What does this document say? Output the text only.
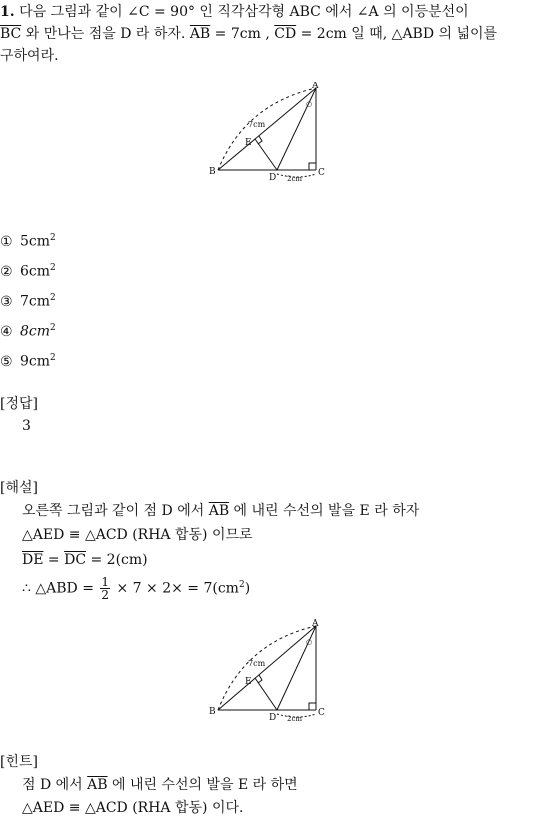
1. 다음 그림과 같이 ∠C = 90° 인 직각삼각형 ABC 에서 ∠A 의 이등분선이
$\overline{BC}$ 와 만나는 점을 D 라 하자. $\overline{AB} = 7cm$ , $\overline{CD} = 2cm$ 일 때, △ABD 의 넓이를
구하여라.
A
B	C
D
E
7cm
2cm
○
① $5cm^2$
② $6cm^2$
③ $7cm^2$
④ $8cm^2$
⑤ $9cm^2$
[정답]
3
[해설]
오른쪽 그림과 같이 점 D 에서 $\overline{AB}$ 에 내린 수선의 발을 E 라 하자
△AED ≡ △ACD (RHA 합동) 이므로
$\overline{DE} = \overline{DC} = 2(cm)$
∴ △ABD = $\frac{1}{2} \times 7 \times 2\times = 7(cm^2)$
A
B	C
D
E
7cm
2cm
○
[힌트]
점 D 에서 $\overline{AB}$ 에 내린 수선의 발을 E 라 하면
△AED ≡ △ACD (RHA 합동) 이다.
